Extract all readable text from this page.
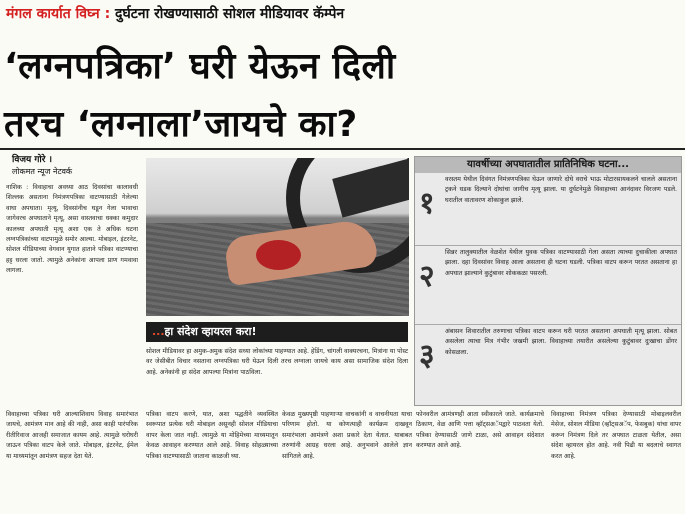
मंगल कार्यात विघ्न : दुर्घटना रोखण्यासाठी सोशल मीडियावर कॅम्पेन
‘लग्नपत्रिका’ घरी येऊन दिली
तरच ‘लग्नाला’जायचे का?
विजय गोरे ।
लोकमत न्यूज नेटवर्क
नाशिक : विवाहाचा अवध्या आठ दिवसांचा कालावधी शिल्लक असताना निमंत्रणपत्रिका वाटण्यासाठी गेलेल्या वाघा अपघाता। मृत्यू, दिवसांनीच घडून गेला भावाचा जागेवरच अपघाताने मृत्यू, असा वास्तवाचा धक्का कमुदार कालच्या अपघाती मृत्यू अशा एक ते अधिक घटना लग्नपत्रिकांच्या वाटपामुळे समोर आल्या. मोबाइल, इंटरनेट, सोशल मीडियाच्या वेगवान युगात हाताने पत्रिका वाटण्याचा हट्ट धरला जातो. त्यामुळे अनेकांना आपला प्राण गमवावा लागला.
...हा संदेश व्हायरल करा!
सोशल मीडियावर हा अमुक-अमुक संदेश सध्या लोकांच्या पाहण्यात आहे. हेडिंग, चांगली वाक्यरचना, मित्रांना या पोस्ट वर जेसीबीत विचार नसताना लग्नपत्रिका घरी येऊन दिली तरच लग्नाला जायचे काय असा सामाजिक संदेश दिला आहे. अनेकांनी हा संदेश आपल्या मित्रांना पाठविला.
यावर्षीच्या अपघातातील प्रातिनिधिक घटना...
१
वरस्तम येथील दिवंगत निमंत्रणपत्रिका घेऊन जाणारे दोघे वराचे भाऊ मोटारसायकलने चालले असताना ट्रकने धडक दिल्याने दोघांचा जागीच मृत्यू झाला. या दुर्घटनेमुळे विवाहाच्या आनंदावर विरजण पडले. घरातील वातावरण शोकाकुल झाले.
२
सिन्नर तालुक्यातील वेळशेत येथील युवक पत्रिका वाटण्यासाठी गेला असता त्याच्या दुचाकीला अपघात झाला. दहा दिवसांवर विवाह आला असताना ही घटना घडली. पत्रिका वाटप करून परतत असताना हा अपघात झाल्याने कुटुंबावर शोककळा पसरली.
३
अंबासन शिवारातील तरुणाचा पत्रिका वाटप करून घरी परतत असताना अपघाती मृत्यू झाला. सोबत असलेला त्याचा मित्र गंभीर जखमी झाला. विवाहाच्या तयारीत असलेल्या कुटुंबावर दुःखाचा डोंगर कोसळला.
विवाहाच्या पत्रिका घरी आल्याशिवाय विवाह समारंभात जायचे, आमंत्रण मान आहे की नाही, असा काही पारंपरिक रीतीरिवाज आजही समाजात कायम आहे. त्यामुळे घरोघरी जाऊन पत्रिका वाटप केले जाते. मोबाइल, इंटरनेट, ईमेल या माध्यमांतून आमंत्रण सहज देता येते.
पत्रिका वाटप करणे, यात, अशा पद्धतीने व्यवस्थित स्वरूपात प्रत्येक घरी मोबाइल असूनही सोशल मीडियाचा वापर केला जात नाही. त्यामुळे या मोहिमेच्या माध्यमातून केवळ आवाहन करण्यात आले आहे. विवाह सोहळ्याच्या पत्रिका वाटण्यासाठी जाताना काळजी घ्या.
केवळ मुख्यपृष्ठी पाहणाऱ्या वाचकांनी व वाचनीयता याचा परिणाम होतो. या कोणत्याही कार्यक्रम दाखवून समारंभाला आमंत्रणे अशा प्रकारे देता येतात. याबाबत तरुणांनी आग्रह धरला आहे. अनुभवाने आलेले ज्ञान सांगितले आहे.
फोनवरील आमंत्रणही आता स्वीकारले जाते. कार्यक्रमाचे ठिकाण, वेळ आणि पत्ता व्हॉट्सअॅपद्वारे पाठवता येतो. पत्रिका देण्यासाठी जाणे टाळा, असे आवाहन संदेशात करण्यात आले आहे.
विवाहाच्या निमंत्रण पत्रिका देण्यासाठी मोबाइलवरील मेसेज, सोशल मीडिया (व्हॉट्सअॅप, फेसबुक) यांचा वापर करून निमंत्रण दिले तर अपघात टाळता येतील, असा संदेश व्हायरल होत आहे. नवी पिढी या बदलाचे स्वागत करत आहे.
